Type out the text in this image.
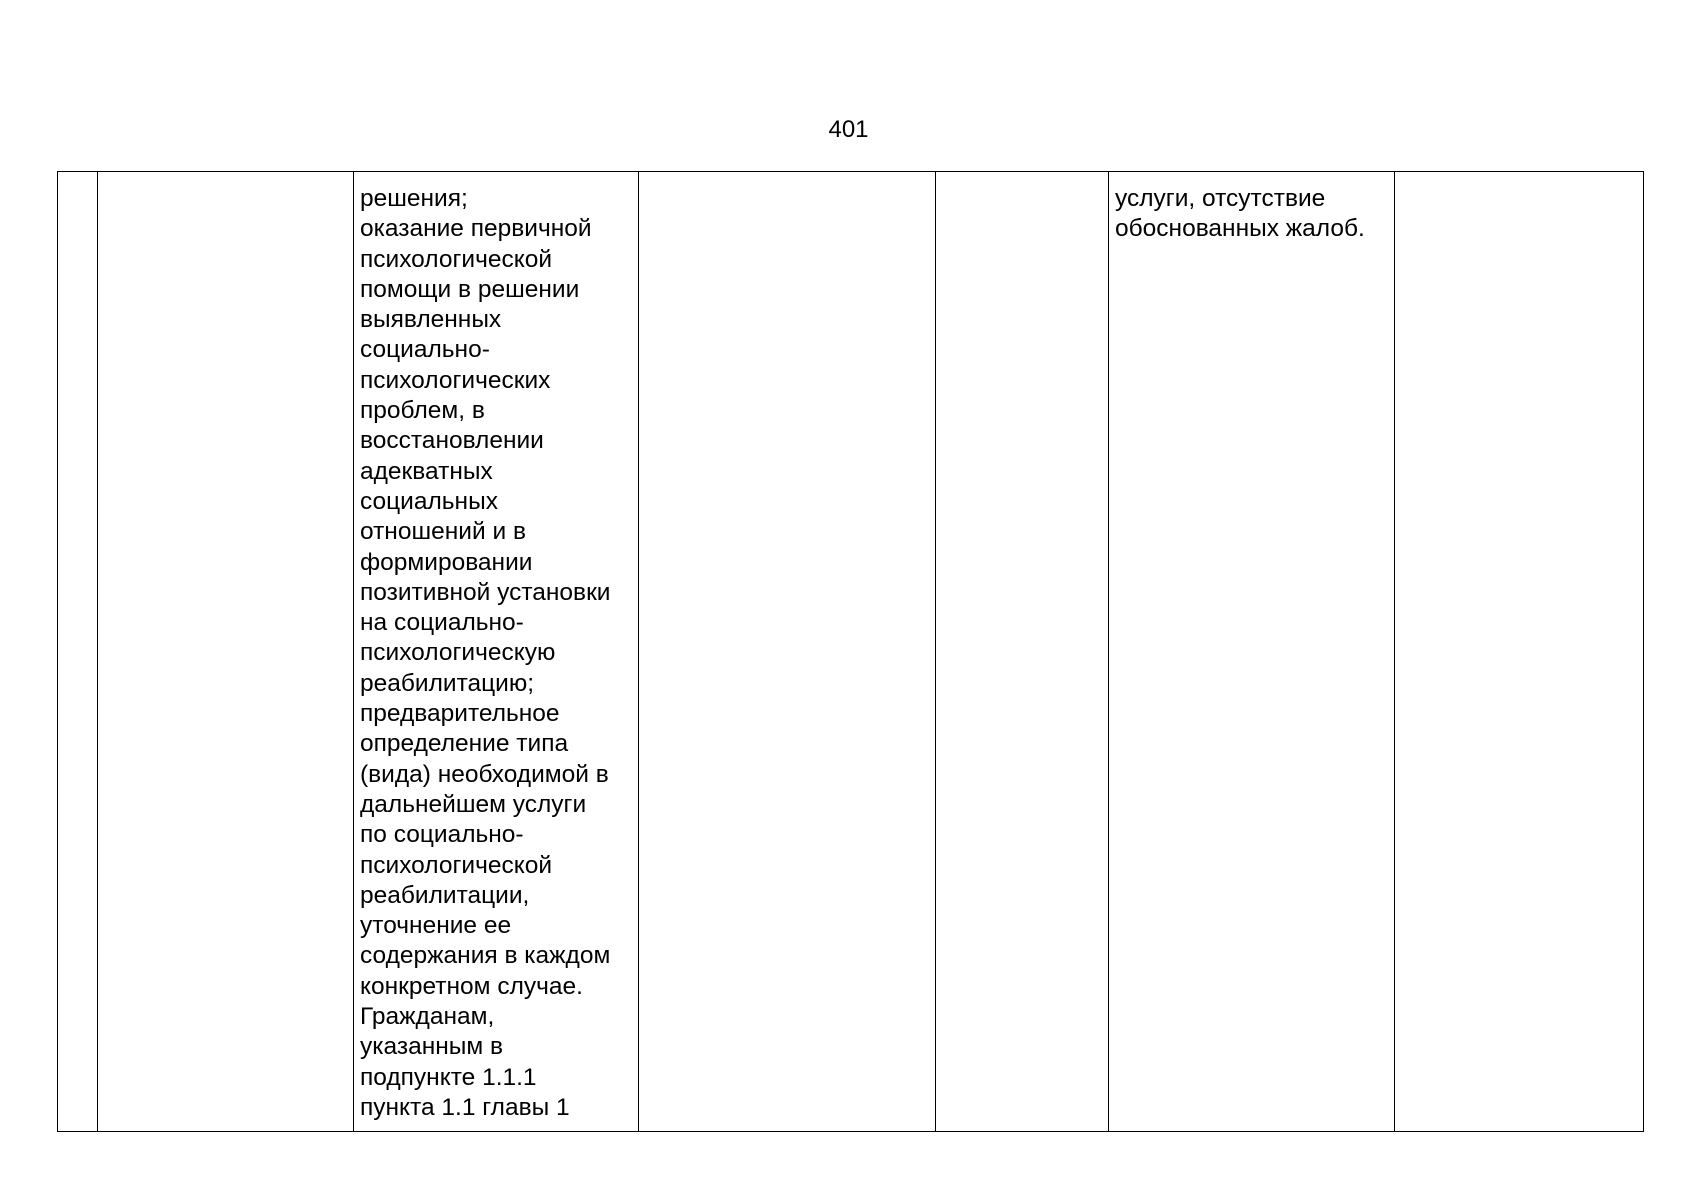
401
		решения;
оказание первичной
психологической
помощи в решении
выявленных
социально-
психологических
проблем, в
восстановлении
адекватных
социальных
отношений и в
формировании
позитивной установки
на социально-
психологическую
реабилитацию;
предварительное
определение типа
(вида) необходимой в
дальнейшем услуги
по социально-
психологической
реабилитации,
уточнение ее
содержания в каждом
конкретном случае.
Гражданам,
указанным в
подпункте 1.1.1
пункта 1.1 главы 1			услуги, отсутствие
обоснованных жалоб.	
